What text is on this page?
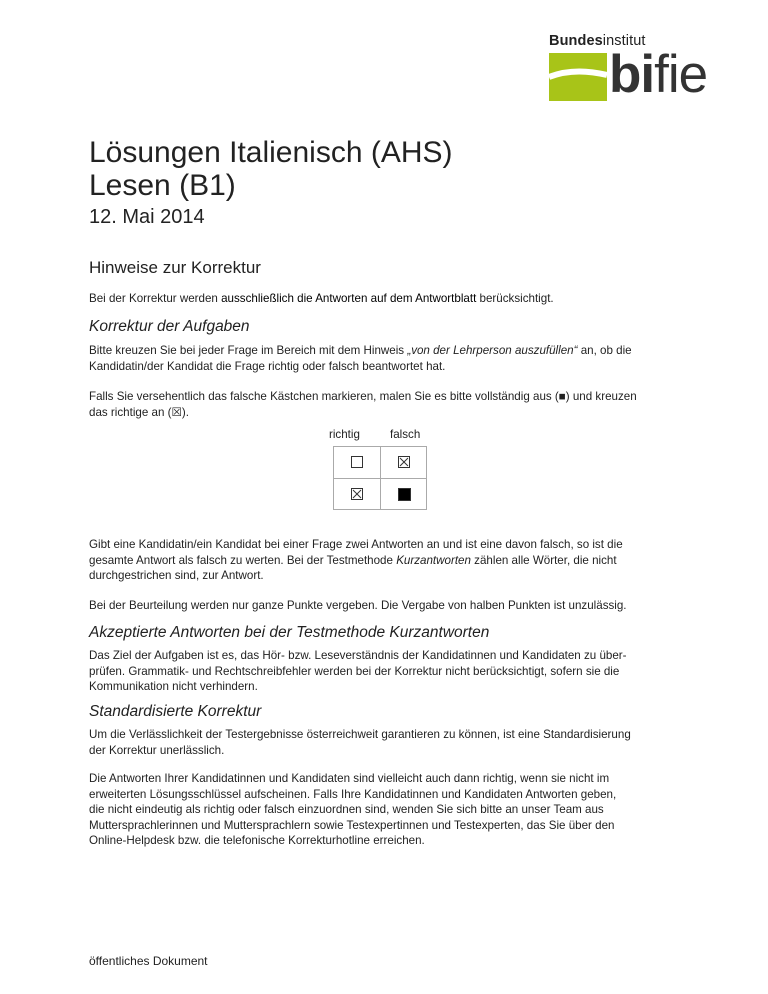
Bundesinstitut
bifie
Lösungen Italienisch (AHS)
Lesen (B1)
12. Mai 2014
Hinweise zur Korrektur

Bei der Korrektur werden ausschließlich die Antworten auf dem Antwortblatt berücksichtigt.

Korrektur der Aufgaben

Bitte kreuzen Sie bei jeder Frage im Bereich mit dem Hinweis „von der Lehrperson auszufüllen“ an, ob die
Kandidatin/der Kandidat die Frage richtig oder falsch beantwortet hat.

Falls Sie versehentlich das falsche Kästchen markieren, malen Sie es bitte vollständig aus (■) und kreuzen
das richtige an (☒).

richtig	falsch

Gibt eine Kandidatin/ein Kandidat bei einer Frage zwei Antworten an und ist eine davon falsch, so ist die
gesamte Antwort als falsch zu werten. Bei der Testmethode Kurzantworten zählen alle Wörter, die nicht
durchgestrichen sind, zur Antwort.

Bei der Beurteilung werden nur ganze Punkte vergeben. Die Vergabe von halben Punkten ist unzulässig.

Akzeptierte Antworten bei der Testmethode Kurzantworten

Das Ziel der Aufgaben ist es, das Hör- bzw. Leseverständnis der Kandidatinnen und Kandidaten zu über-
prüfen. Grammatik- und Rechtschreibfehler werden bei der Korrektur nicht berücksichtigt, sofern sie die
Kommunikation nicht verhindern.

Standardisierte Korrektur

Um die Verlässlichkeit der Testergebnisse österreichweit garantieren zu können, ist eine Standardisierung
der Korrektur unerlässlich.

Die Antworten Ihrer Kandidatinnen und Kandidaten sind vielleicht auch dann richtig, wenn sie nicht im
erweiterten Lösungsschlüssel aufscheinen. Falls Ihre Kandidatinnen und Kandidaten Antworten geben,
die nicht eindeutig als richtig oder falsch einzuordnen sind, wenden Sie sich bitte an unser Team aus
Muttersprachlerinnen und Muttersprachlern sowie Testexpertinnen und Testexperten, das Sie über den
Online-Helpdesk bzw. die telefonische Korrekturhotline erreichen.

öffentliches Dokument
